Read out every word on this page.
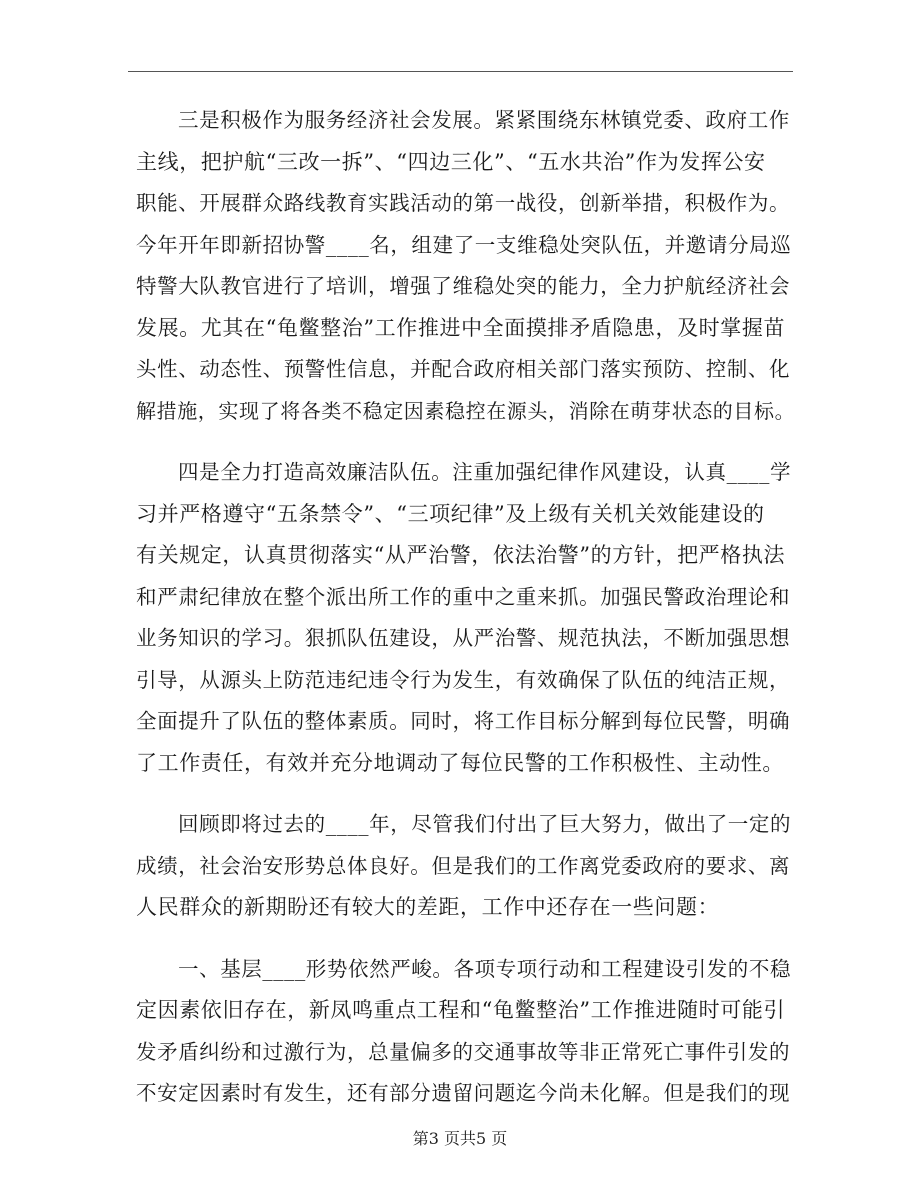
三是积极作为服务经济社会发展。紧紧围绕东林镇党委、政府工作
主线，把护航“三改一拆”、“四边三化”、“五水共治”作为发挥公安
职能、开展群众路线教育实践活动的第一战役，创新举措，积极作为。
今年开年即新招协警____名，组建了一支维稳处突队伍，并邀请分局巡
特警大队教官进行了培训，增强了维稳处突的能力，全力护航经济社会
发展。尤其在“龟鳖整治”工作推进中全面摸排矛盾隐患，及时掌握苗
头性、动态性、预警性信息，并配合政府相关部门落实预防、控制、化
解措施，实现了将各类不稳定因素稳控在源头，消除在萌芽状态的目标。
四是全力打造高效廉洁队伍。注重加强纪律作风建设，认真____学
习并严格遵守“五条禁令”、“三项纪律”及上级有关机关效能建设的
有关规定，认真贯彻落实“从严治警，依法治警”的方针，把严格执法
和严肃纪律放在整个派出所工作的重中之重来抓。加强民警政治理论和
业务知识的学习。狠抓队伍建设，从严治警、规范执法，不断加强思想
引导，从源头上防范违纪违令行为发生，有效确保了队伍的纯洁正规，
全面提升了队伍的整体素质。同时，将工作目标分解到每位民警，明确
了工作责任，有效并充分地调动了每位民警的工作积极性、主动性。
回顾即将过去的____年，尽管我们付出了巨大努力，做出了一定的
成绩，社会治安形势总体良好。但是我们的工作离党委政府的要求、离
人民群众的新期盼还有较大的差距，工作中还存在一些问题：
一、基层____形势依然严峻。各项专项行动和工程建设引发的不稳
定因素依旧存在，新凤鸣重点工程和“龟鳖整治”工作推进随时可能引
发矛盾纠纷和过激行为，总量偏多的交通事故等非正常死亡事件引发的
不安定因素时有发生，还有部分遗留问题迄今尚未化解。但是我们的现
第3 页共5 页
